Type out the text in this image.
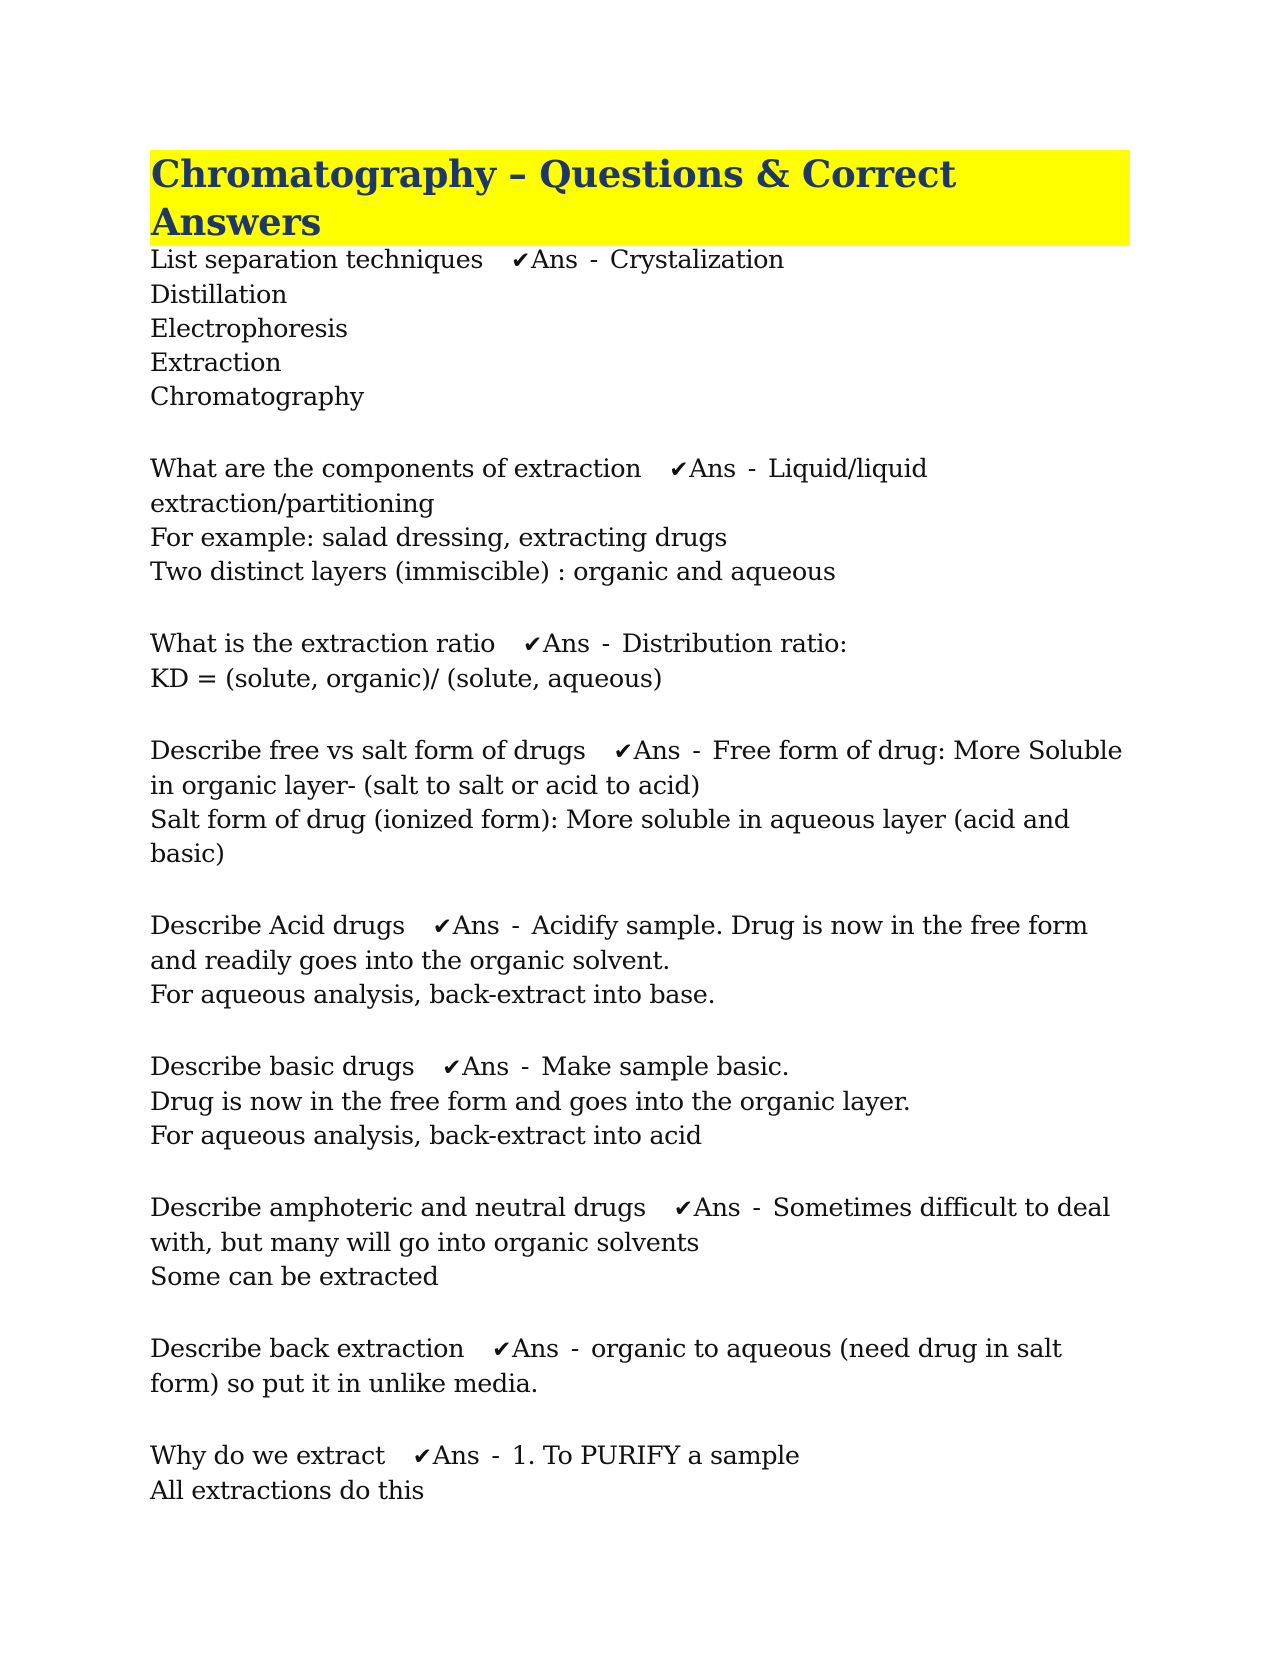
Chromatography – Questions & Correct Answers
List separation techniques ✔Ans - Crystalization
Distillation
Electrophoresis
Extraction
Chromatography
What are the components of extraction ✔Ans - Liquid/liquid extraction/partitioning
For example: salad dressing, extracting drugs
Two distinct layers (immiscible) : organic and aqueous
What is the extraction ratio ✔Ans - Distribution ratio:
KD = (solute, organic)/ (solute, aqueous)
Describe free vs salt form of drugs ✔Ans - Free form of drug: More Soluble in organic layer- (salt to salt or acid to acid)
Salt form of drug (ionized form): More soluble in aqueous layer (acid and basic)
Describe Acid drugs ✔Ans - Acidify sample. Drug is now in the free form and readily goes into the organic solvent.
For aqueous analysis, back-extract into base.
Describe basic drugs ✔Ans - Make sample basic.
Drug is now in the free form and goes into the organic layer.
For aqueous analysis, back-extract into acid
Describe amphoteric and neutral drugs ✔Ans - Sometimes difficult to deal with, but many will go into organic solvents
Some can be extracted
Describe back extraction ✔Ans - organic to aqueous (need drug in salt form) so put it in unlike media.
Why do we extract ✔Ans - 1. To PURIFY a sample
All extractions do this
